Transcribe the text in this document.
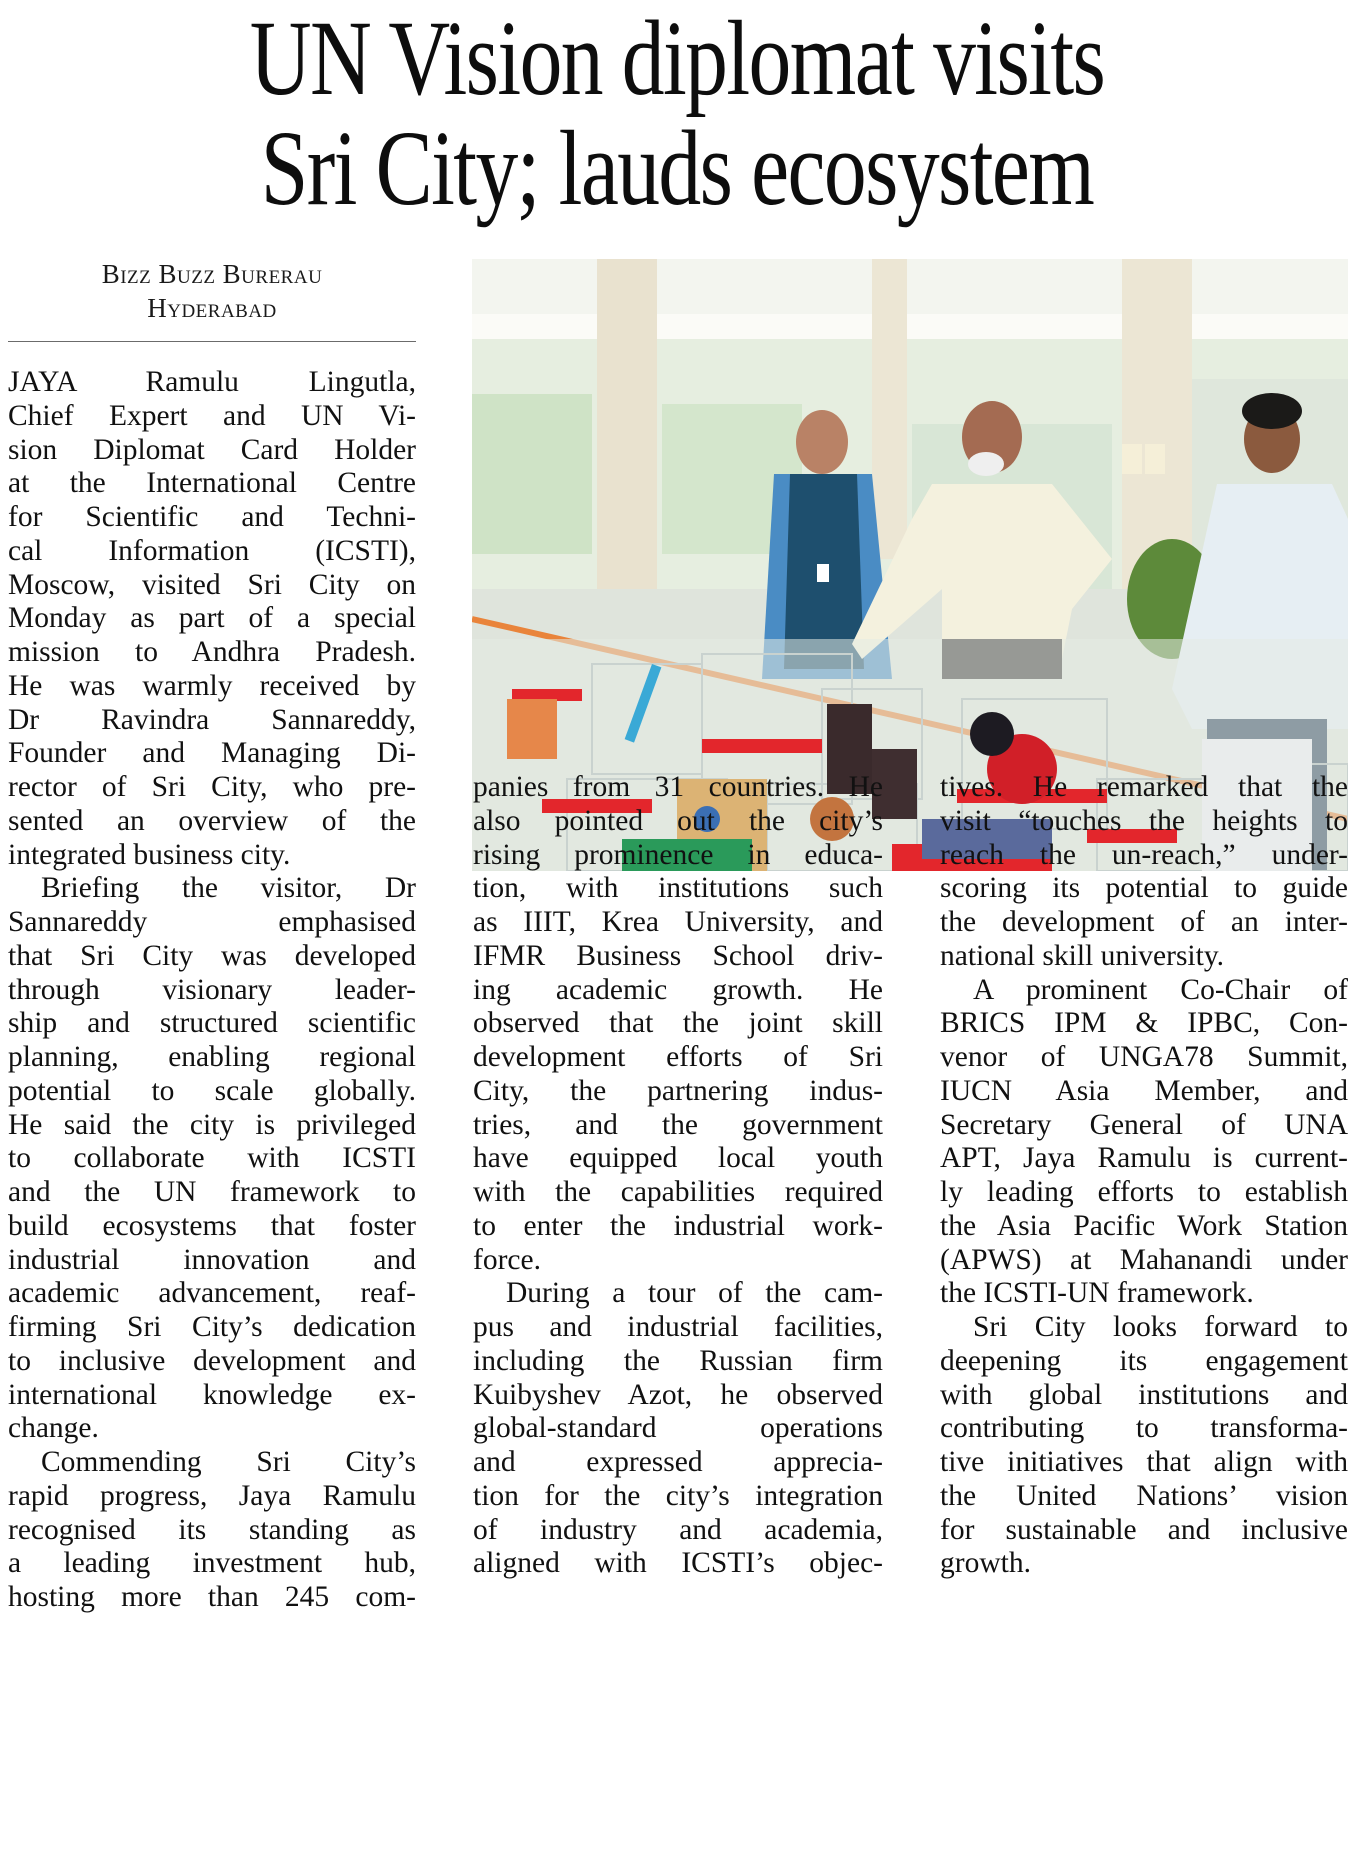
UN Vision diplomat visits
Sri City; lauds ecosystem
Bizz Buzz Burerau
Hyderabad
JAYA Ramulu Lingutla,
Chief Expert and UN Vi-
sion Diplomat Card Holder
at the International Centre
for Scientific and Techni-
cal Information (ICSTI),
Moscow, visited Sri City on
Monday as part of a special
mission to Andhra Pradesh.
He was warmly received by
Dr Ravindra Sannareddy,
Founder and Managing Di-
rector of Sri City, who pre-
sented an overview of the
integrated business city.
Briefing the visitor, Dr
Sannareddy emphasised
that Sri City was developed
through visionary leader-
ship and structured scientific
planning, enabling regional
potential to scale globally.
He said the city is privileged
to collaborate with ICSTI
and the UN framework to
build ecosystems that foster
industrial innovation and
academic advancement, reaf-
firming Sri City’s dedication
to inclusive development and
international knowledge ex-
change.
Commending Sri City’s
rapid progress, Jaya Ramulu
recognised its standing as
a leading investment hub,
hosting more than 245 com-
panies from 31 countries. He
also pointed out the city’s
rising prominence in educa-
tion, with institutions such
as IIIT, Krea University, and
IFMR Business School driv-
ing academic growth. He
observed that the joint skill
development efforts of Sri
City, the partnering indus-
tries, and the government
have equipped local youth
with the capabilities required
to enter the industrial work-
force.
During a tour of the cam-
pus and industrial facilities,
including the Russian firm
Kuibyshev Azot, he observed
global-standard operations
and expressed apprecia-
tion for the city’s integration
of industry and academia,
aligned with ICSTI’s objec-
tives. He remarked that the
visit “touches the heights to
reach the un-reach,” under-
scoring its potential to guide
the development of an inter-
national skill university.
A prominent Co-Chair of
BRICS IPM & IPBC, Con-
venor of UNGA78 Summit,
IUCN Asia Member, and
Secretary General of UNA
APT, Jaya Ramulu is current-
ly leading efforts to establish
the Asia Pacific Work Station
(APWS) at Mahanandi under
the ICSTI-UN framework.
Sri City looks forward to
deepening its engagement
with global institutions and
contributing to transforma-
tive initiatives that align with
the United Nations’ vision
for sustainable and inclusive
growth.
